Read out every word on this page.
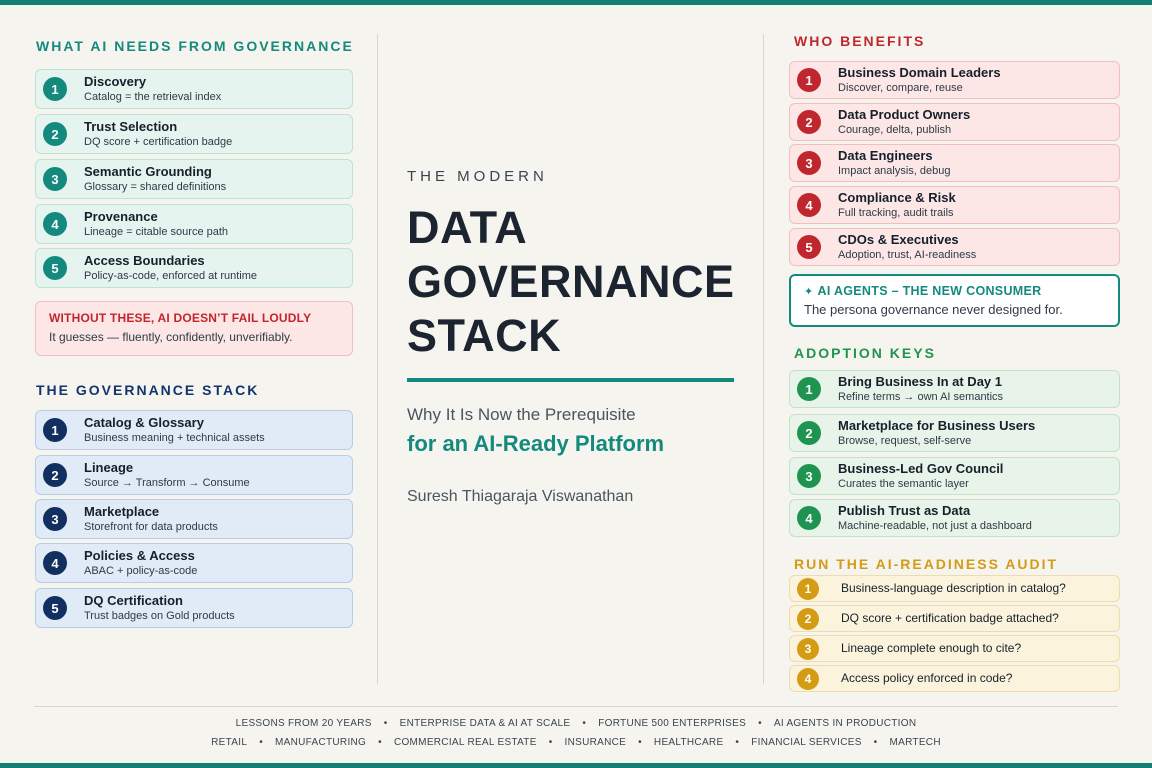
WHAT AI NEEDS FROM GOVERNANCE
1	Discovery
Catalog = the retrieval index
2	Trust Selection
DQ score + certification badge
3	Semantic Grounding
Glossary = shared definitions
4	Provenance
Lineage = citable source path
5	Access Boundaries
Policy-as-code, enforced at runtime
WITHOUT THESE, AI DOESN’T FAIL LOUDLY
It guesses — fluently, confidently, unverifiably.
THE GOVERNANCE STACK
1	Catalog & Glossary
Business meaning + technical assets
2	Lineage
Source → Transform → Consume
3	Marketplace
Storefront for data products
4	Policies & Access
ABAC + policy-as-code
5	DQ Certification
Trust badges on Gold products
THE MODERN
DATA
GOVERNANCE
STACK
Why It Is Now the Prerequisite
for an AI-Ready Platform
Suresh Thiagaraja Viswanathan
WHO BENEFITS
1	Business Domain Leaders
Discover, compare, reuse
2	Data Product Owners
Courage, delta, publish
3	Data Engineers
Impact analysis, debug
4	Compliance & Risk
Full tracking, audit trails
5	CDOs & Executives
Adoption, trust, AI-readiness
✦ AI AGENTS – THE NEW CONSUMER
The persona governance never designed for.
ADOPTION KEYS
1	Bring Business In at Day 1
Refine terms → own AI semantics
2	Marketplace for Business Users
Browse, request, self-serve
3	Business-Led Gov Council
Curates the semantic layer
4	Publish Trust as Data
Machine-readable, not just a dashboard
RUN THE AI-READINESS AUDIT
1	Business-language description in catalog?
2	DQ score + certification badge attached?
3	Lineage complete enough to cite?
4	Access policy enforced in code?
LESSONS FROM 20 YEARS • ENTERPRISE DATA & AI AT SCALE • FORTUNE 500 ENTERPRISES • AI AGENTS IN PRODUCTION
RETAIL • MANUFACTURING • COMMERCIAL REAL ESTATE • INSURANCE • HEALTHCARE • FINANCIAL SERVICES • MARTECH
